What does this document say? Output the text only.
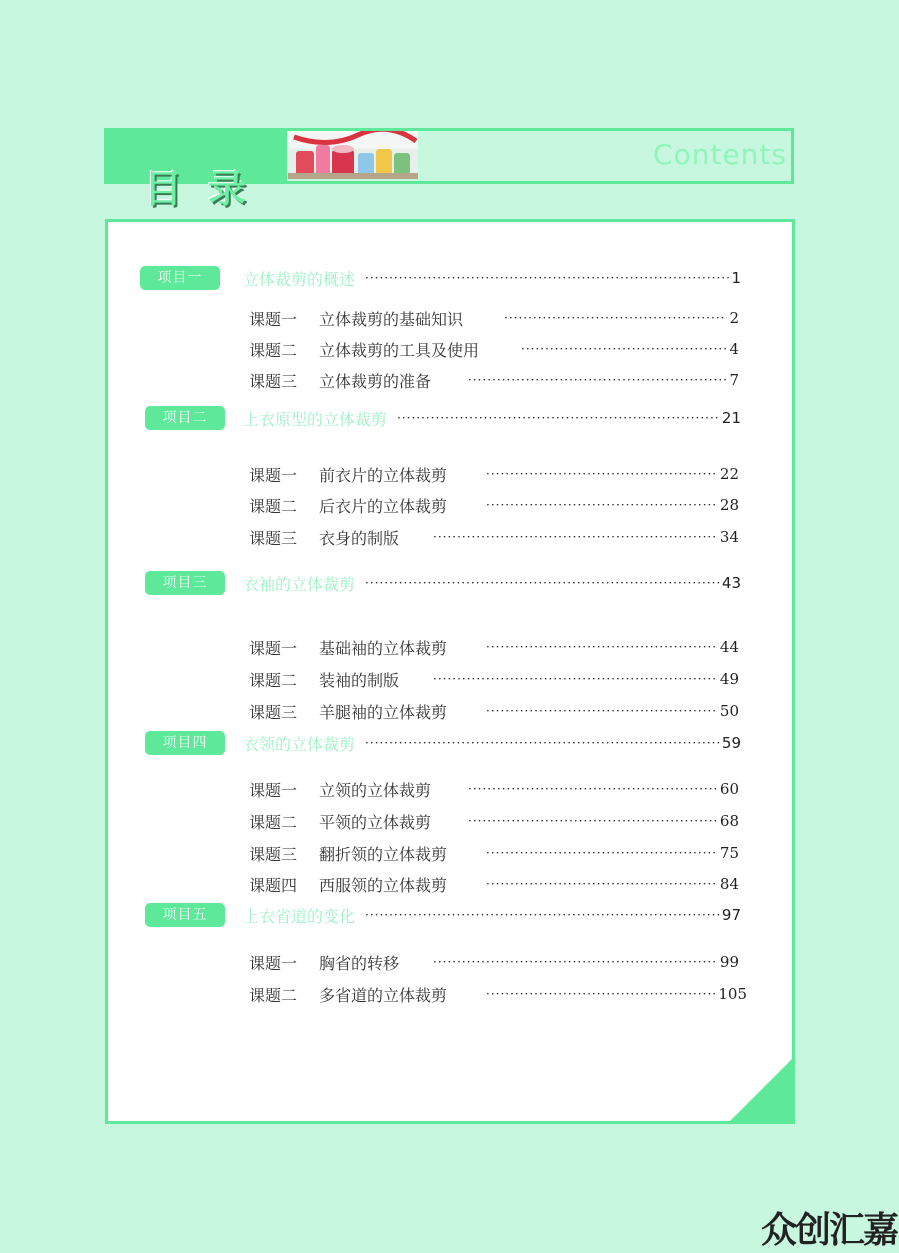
目录
Contents
项目一	立体裁剪的概述 ·····	1
课题一	立体裁剪的基础知识 ·····	2
课题二	立体裁剪的工具及使用 ·····	4
课题三	立体裁剪的准备 ·····	7
项目二	上衣原型的立体裁剪 ·····	21
课题一	前衣片的立体裁剪 ·····	22
课题二	后衣片的立体裁剪 ·····	28
课题三	衣身的制版 ·····	34
项目三	衣袖的立体裁剪 ·····	43
课题一	基础袖的立体裁剪 ·····	44
课题二	装袖的制版 ·····	49
课题三	羊腿袖的立体裁剪 ·····	50
项目四	衣领的立体裁剪 ·····	59
课题一	立领的立体裁剪 ·····	60
课题二	平领的立体裁剪 ·····	68
课题三	翻折领的立体裁剪 ·····	75
课题四	西服领的立体裁剪 ·····	84
项目五	上衣省道的变化 ·····	97
课题一	胸省的转移 ·····	99
课题二	多省道的立体裁剪 ·····	105
众创汇嘉
